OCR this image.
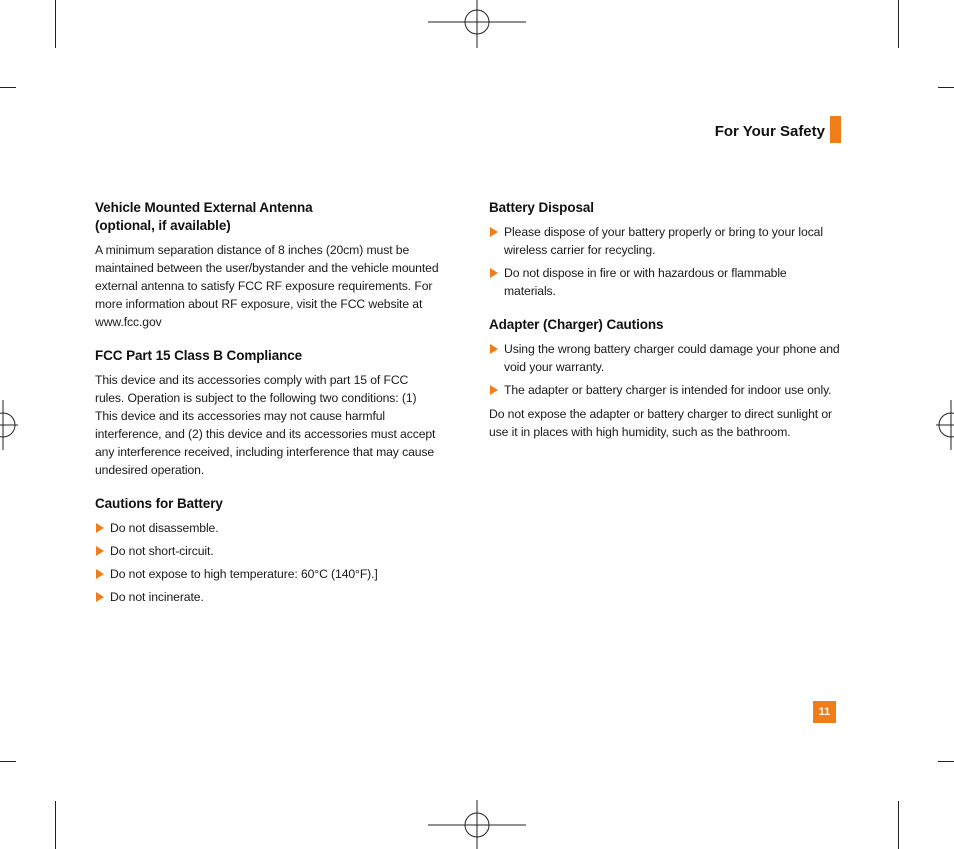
For Your Safety
Vehicle Mounted External Antenna
(optional, if available)

A minimum separation distance of 8 inches (20cm) must be maintained between the user/bystander and the vehicle mounted external antenna to satisfy FCC RF exposure requirements. For more information about RF exposure, visit the FCC website at www.fcc.gov

FCC Part 15 Class B Compliance

This device and its accessories comply with part 15 of FCC rules. Operation is subject to the following two conditions: (1) This device and its accessories may not cause harmful interference, and (2) this device and its accessories must accept any interference received, including interference that may cause undesired operation.

Cautions for Battery
Do not disassemble.
Do not short-circuit.
Do not expose to high temperature: 60°C (140°F).]
Do not incinerate.
Battery Disposal
Please dispose of your battery properly or bring to your local wireless carrier for recycling.
Do not dispose in fire or with hazardous or flammable materials.
Adapter (Charger) Cautions
Using the wrong battery charger could damage your phone and void your warranty.
The adapter or battery charger is intended for indoor use only.

Do not expose the adapter or battery charger to direct sunlight or use it in places with high humidity, such as the bathroom.

11
